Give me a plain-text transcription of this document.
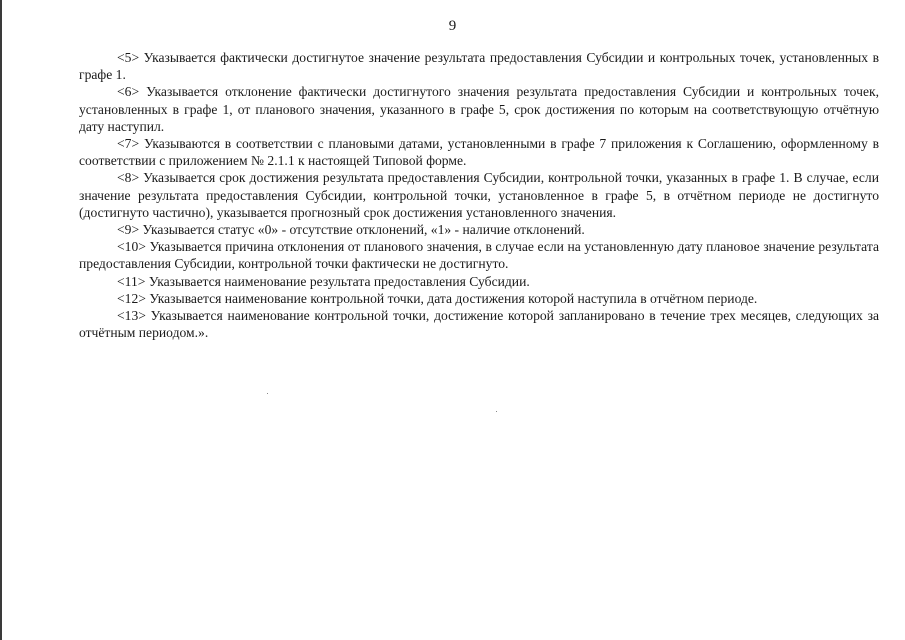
9

<5> Указывается фактически достигнутое значение результата предоставления Субсидии и контрольных точек, установленных в графе 1.

<6> Указывается отклонение фактически достигнутого значения результата предоставления Субсидии и контрольных точек, установленных в графе 1, от планового значения, указанного в графе 5, срок достижения по которым на соответствующую отчётную дату наступил.

<7> Указываются в соответствии с плановыми датами, установленными в графе 7 приложения к Соглашению, оформленному в соответствии с приложением № 2.1.1 к настоящей Типовой форме.

<8> Указывается срок достижения результата предоставления Субсидии, контрольной точки, указанных в графе 1. В случае, если значение результата предоставления Субсидии, контрольной точки, установленное в графе 5, в отчётном периоде не достигнуто (достигнуто частично), указывается прогнозный срок достижения установленного значения.

<9> Указывается статус «0» - отсутствие отклонений, «1» - наличие отклонений.

<10> Указывается причина отклонения от планового значения, в случае если на установленную дату плановое значение результата предоставления Субсидии, контрольной точки фактически не достигнуто.

<11> Указывается наименование результата предоставления Субсидии.

<12> Указывается наименование контрольной точки, дата достижения которой наступила в отчётном периоде.

<13> Указывается наименование контрольной точки, достижение которой запланировано в течение трех месяцев, следующих за отчётным периодом.».
